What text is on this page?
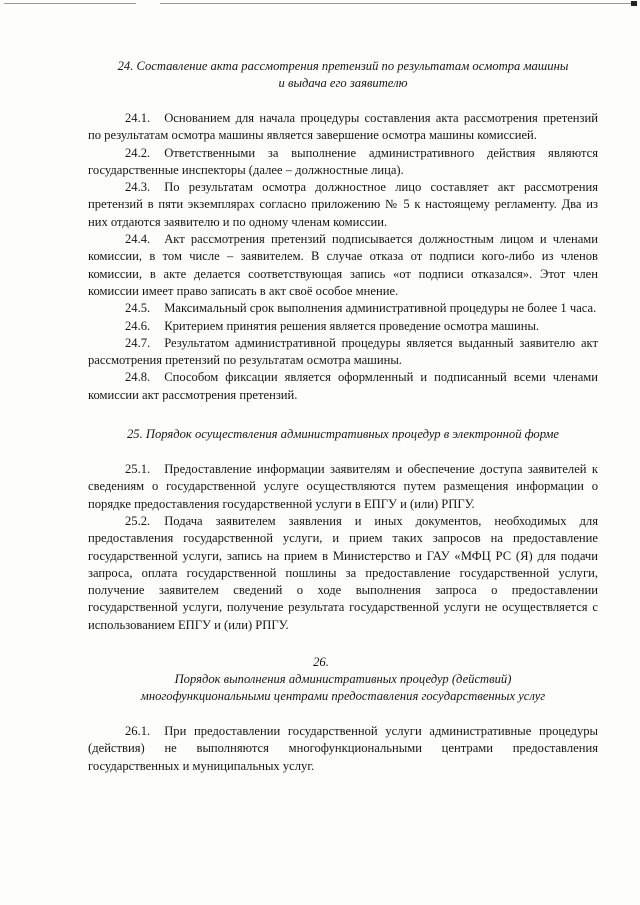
24. Составление акта рассмотрения претензий по результатам осмотра машины
и выдача его заявителю

24.1. Основанием для начала процедуры составления акта рассмотрения претензий по результатам осмотра машины является завершение осмотра машины комиссией.

24.2. Ответственными за выполнение административного действия являются государственные инспекторы (далее – должностные лица).

24.3. По результатам осмотра должностное лицо составляет акт рассмотрения претензий в пяти экземплярах согласно приложению № 5 к настоящему регламенту. Два из них отдаются заявителю и по одному членам комиссии.

24.4. Акт рассмотрения претензий подписывается должностным лицом и членами комиссии, в том числе – заявителем. В случае отказа от подписи кого-либо из членов комиссии, в акте делается соответствующая запись «от подписи отказался». Этот член комиссии имеет право записать в акт своё особое мнение.

24.5. Максимальный срок выполнения административной процедуры не более 1 часа.

24.6. Критерием принятия решения является проведение осмотра машины.

24.7. Результатом административной процедуры является выданный заявителю акт рассмотрения претензий по результатам осмотра машины.

24.8. Способом фиксации является оформленный и подписанный всеми членами комиссии акт рассмотрения претензий.

25. Порядок осуществления административных процедур в электронной форме

25.1. Предоставление информации заявителям и обеспечение доступа заявителей к сведениям о государственной услуге осуществляются путем размещения информации о порядке предоставления государственной услуги в ЕПГУ и (или) РПГУ.

25.2. Подача заявителем заявления и иных документов, необходимых для предоставления государственной услуги, и прием таких запросов на предоставление государственной услуги, запись на прием в Министерство и ГАУ «МФЦ РС (Я) для подачи запроса, оплата государственной пошлины за предоставление государственной услуги, получение заявителем сведений о ходе выполнения запроса о предоставлении государственной услуги, получение результата государственной услуги не осуществляется с использованием ЕПГУ и (или) РПГУ.

26.
Порядок выполнения административных процедур (действий)
многофункциональными центрами предоставления государственных услуг

26.1. При предоставлении государственной услуги административные процедуры (действия) не выполняются многофункциональными центрами предоставления государственных и муниципальных услуг.
